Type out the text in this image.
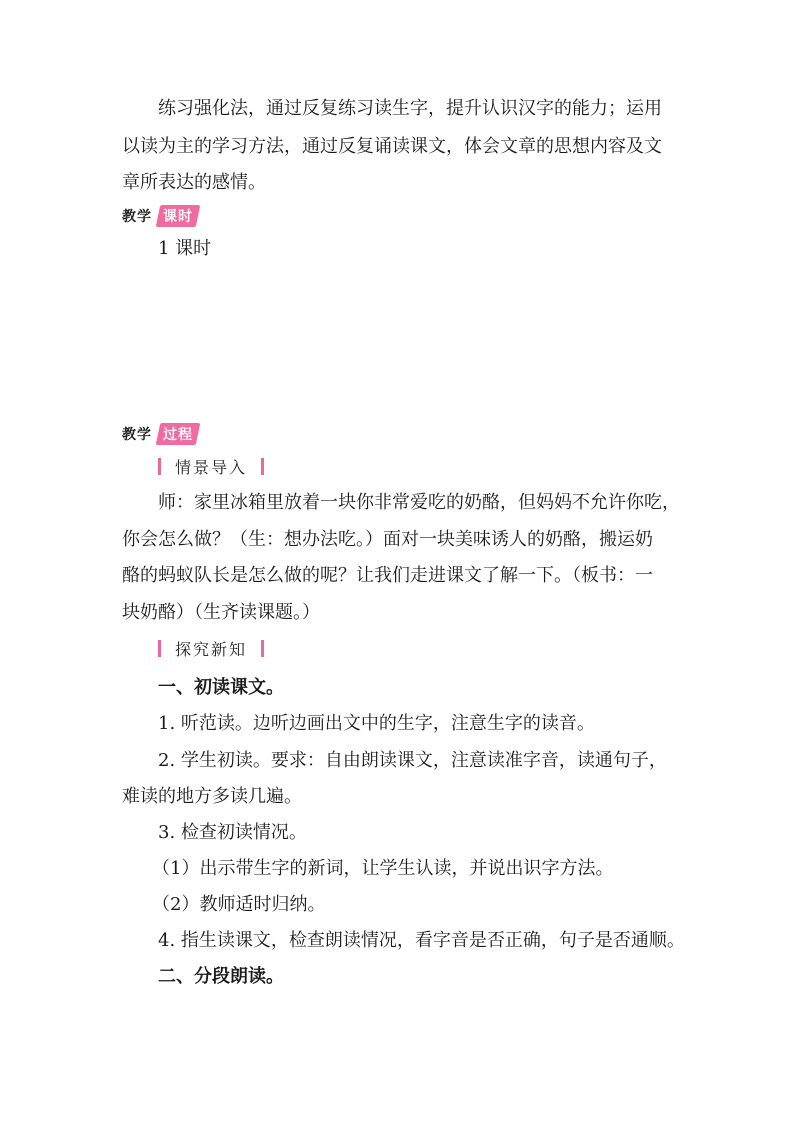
练习强化法，通过反复练习读生字，提升认识汉字的能力；运用
以读为主的学习方法，通过反复诵读课文，体会文章的思想内容及文
章所表达的感情。
教学 课时
1 课时
教学 过程
情景导入
师：家里冰箱里放着一块你非常爱吃的奶酪，但妈妈不允许你吃，
你会怎么做？（生：想办法吃。）面对一块美味诱人的奶酪，搬运奶
酪的蚂蚁队长是怎么做的呢？让我们走进课文了解一下。（板书：一
块奶酪）（生齐读课题。）
探究新知
一、初读课文。
1. 听范读。边听边画出文中的生字，注意生字的读音。
2. 学生初读。要求：自由朗读课文，注意读准字音，读通句子，
难读的地方多读几遍。
3. 检查初读情况。
（1）出示带生字的新词，让学生认读，并说出识字方法。
（2）教师适时归纳。
4. 指生读课文，检查朗读情况，看字音是否正确，句子是否通顺。
二、分段朗读。
